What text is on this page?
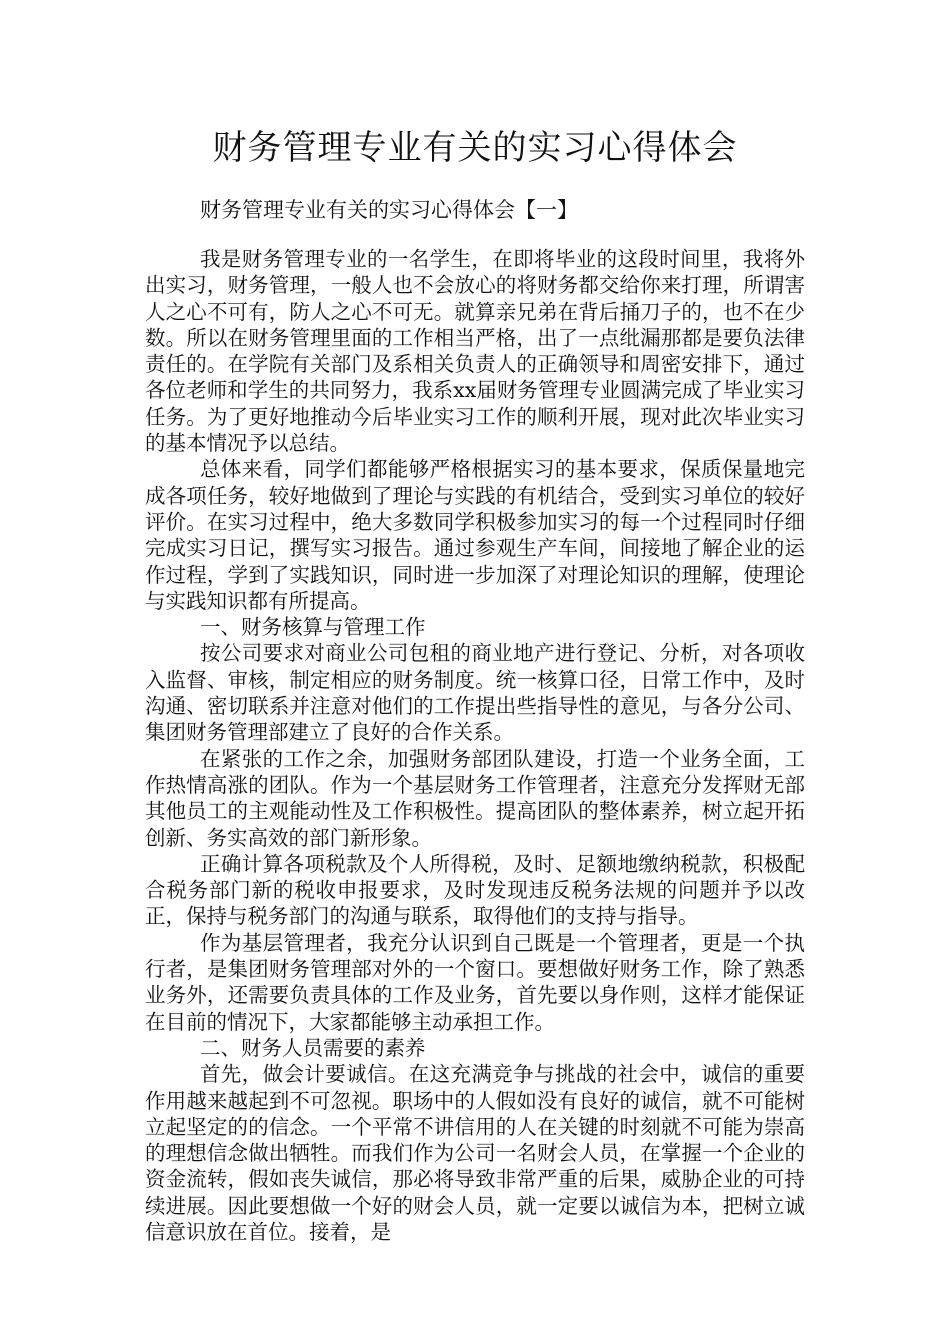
财务管理专业有关的实习心得体会

财务管理专业有关的实习心得体会【一】

我是财务管理专业的一名学生，在即将毕业的这段时间里，我将外出实习，财务管理，一般人也不会放心的将财务都交给你来打理，所谓害人之心不可有，防人之心不可无。就算亲兄弟在背后捅刀子的，也不在少数。所以在财务管理里面的工作相当严格，出了一点纰漏那都是要负法律责任的。在学院有关部门及系相关负责人的正确领导和周密安排下，通过各位老师和学生的共同努力，我系xx届财务管理专业圆满完成了毕业实习任务。为了更好地推动今后毕业实习工作的顺利开展，现对此次毕业实习的基本情况予以总结。

总体来看，同学们都能够严格根据实习的基本要求，保质保量地完成各项任务，较好地做到了理论与实践的有机结合，受到实习单位的较好评价。在实习过程中，绝大多数同学积极参加实习的每一个过程同时仔细完成实习日记，撰写实习报告。通过参观生产车间，间接地了解企业的运作过程，学到了实践知识，同时进一步加深了对理论知识的理解，使理论与实践知识都有所提高。

一、财务核算与管理工作

按公司要求对商业公司包租的商业地产进行登记、分析，对各项收入监督、审核，制定相应的财务制度。统一核算口径，日常工作中，及时沟通、密切联系并注意对他们的工作提出些指导性的意见，与各分公司、集团财务管理部建立了良好的合作关系。

在紧张的工作之余，加强财务部团队建设，打造一个业务全面，工作热情高涨的团队。作为一个基层财务工作管理者，注意充分发挥财无部其他员工的主观能动性及工作积极性。提高团队的整体素养，树立起开拓创新、务实高效的部门新形象。

正确计算各项税款及个人所得税，及时、足额地缴纳税款，积极配合税务部门新的税收申报要求，及时发现违反税务法规的问题并予以改正，保持与税务部门的沟通与联系，取得他们的支持与指导。

作为基层管理者，我充分认识到自己既是一个管理者，更是一个执行者，是集团财务管理部对外的一个窗口。要想做好财务工作，除了熟悉业务外，还需要负责具体的工作及业务，首先要以身作则，这样才能保证在目前的情况下，大家都能够主动承担工作。

二、财务人员需要的素养

首先，做会计要诚信。在这充满竞争与挑战的社会中，诚信的重要作用越来越起到不可忽视。职场中的人假如没有良好的诚信，就不可能树立起坚定的的信念。一个平常不讲信用的人在关键的时刻就不可能为崇高的理想信念做出牺牲。而我们作为公司一名财会人员，在掌握一个企业的资金流转，假如丧失诚信，那必将导致非常严重的后果，威胁企业的可持续进展。因此要想做一个好的财会人员，就一定要以诚信为本，把树立诚信意识放在首位。接着，是
